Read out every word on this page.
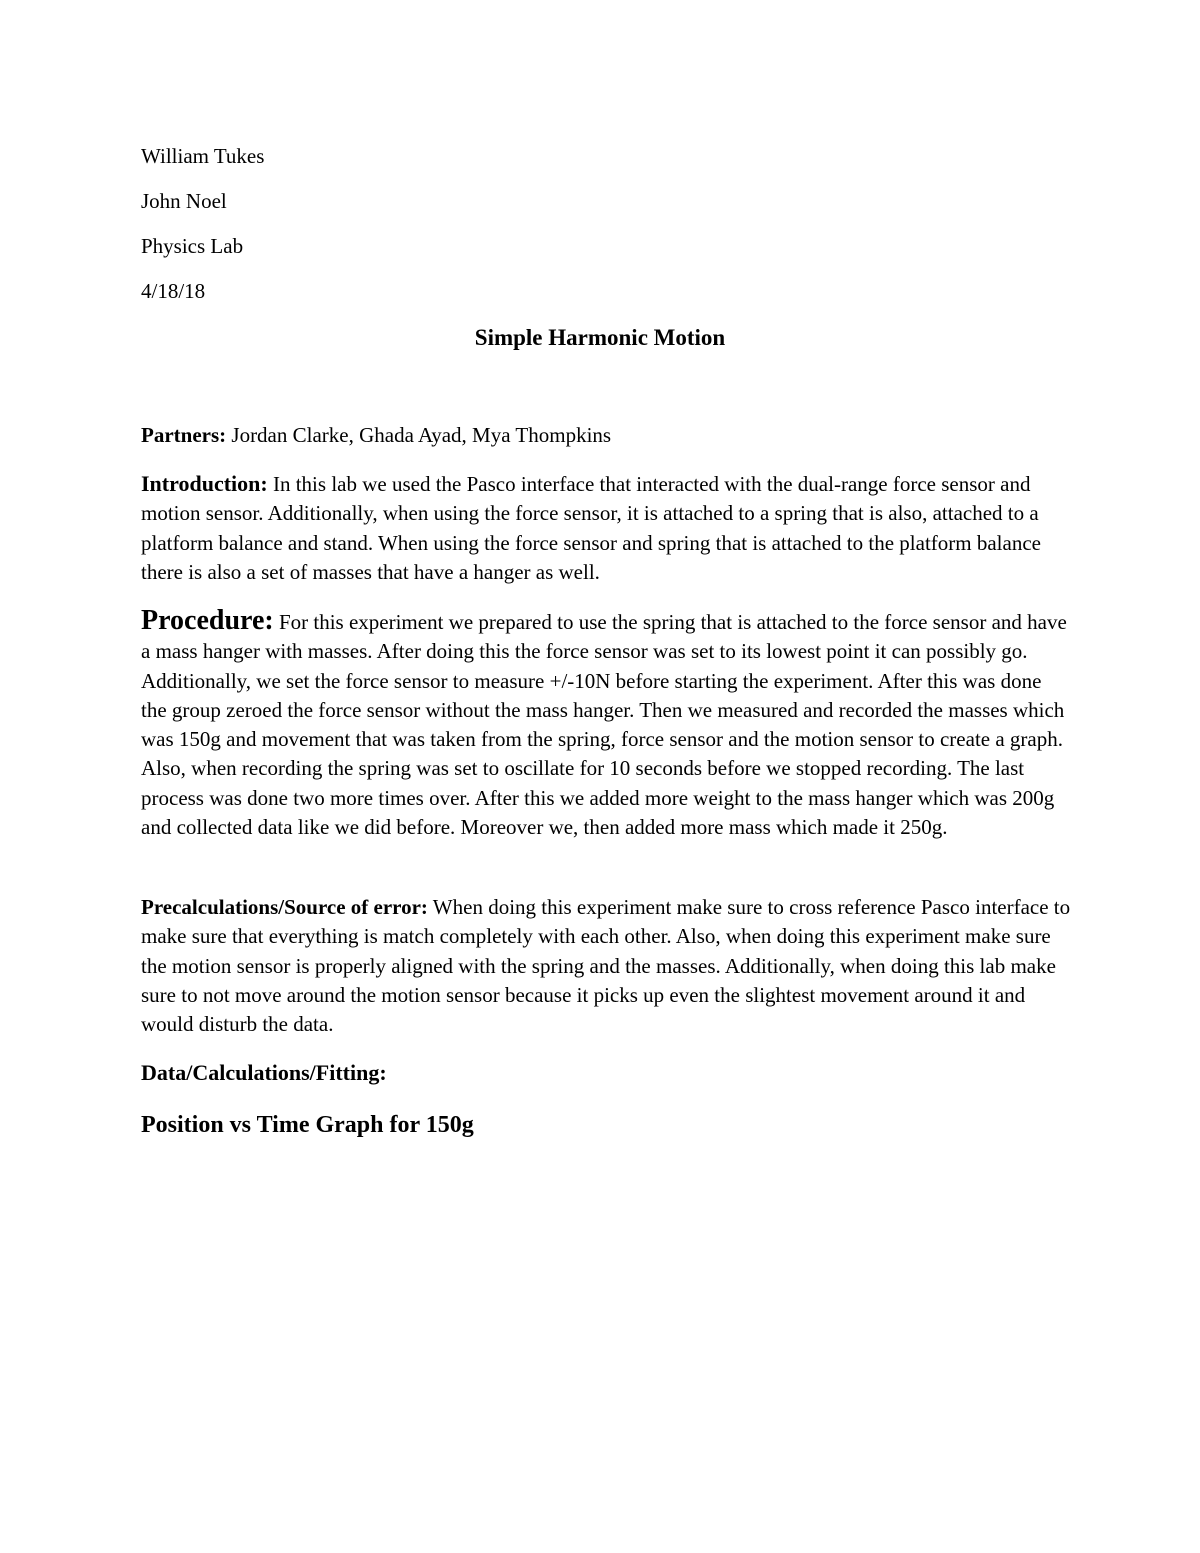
William Tukes
John Noel
Physics Lab
4/18/18
Simple Harmonic Motion

Partners: Jordan Clarke, Ghada Ayad, Mya Thompkins

Introduction: In this lab we used the Pasco interface that interacted with the dual-range force sensor and motion sensor. Additionally, when using the force sensor, it is attached to a spring that is also, attached to a platform balance and stand. When using the force sensor and spring that is attached to the platform balance there is also a set of masses that have a hanger as well.

Procedure: For this experiment we prepared to use the spring that is attached to the force sensor and have a mass hanger with masses. After doing this the force sensor was set to its lowest point it can possibly go. Additionally, we set the force sensor to measure +/-10N before starting the experiment. After this was done the group zeroed the force sensor without the mass hanger. Then we measured and recorded the masses which was 150g and movement that was taken from the spring, force sensor and the motion sensor to create a graph. Also, when recording the spring was set to oscillate for 10 seconds before we stopped recording. The last process was done two more times over. After this we added more weight to the mass hanger which was 200g and collected data like we did before. Moreover we, then added more mass which made it 250g.

Precalculations/Source of error: When doing this experiment make sure to cross reference Pasco interface to make sure that everything is match completely with each other. Also, when doing this experiment make sure the motion sensor is properly aligned with the spring and the masses. Additionally, when doing this lab make sure to not move around the motion sensor because it picks up even the slightest movement around it and would disturb the data.

Data/Calculations/Fitting:
Position vs Time Graph for 150g
